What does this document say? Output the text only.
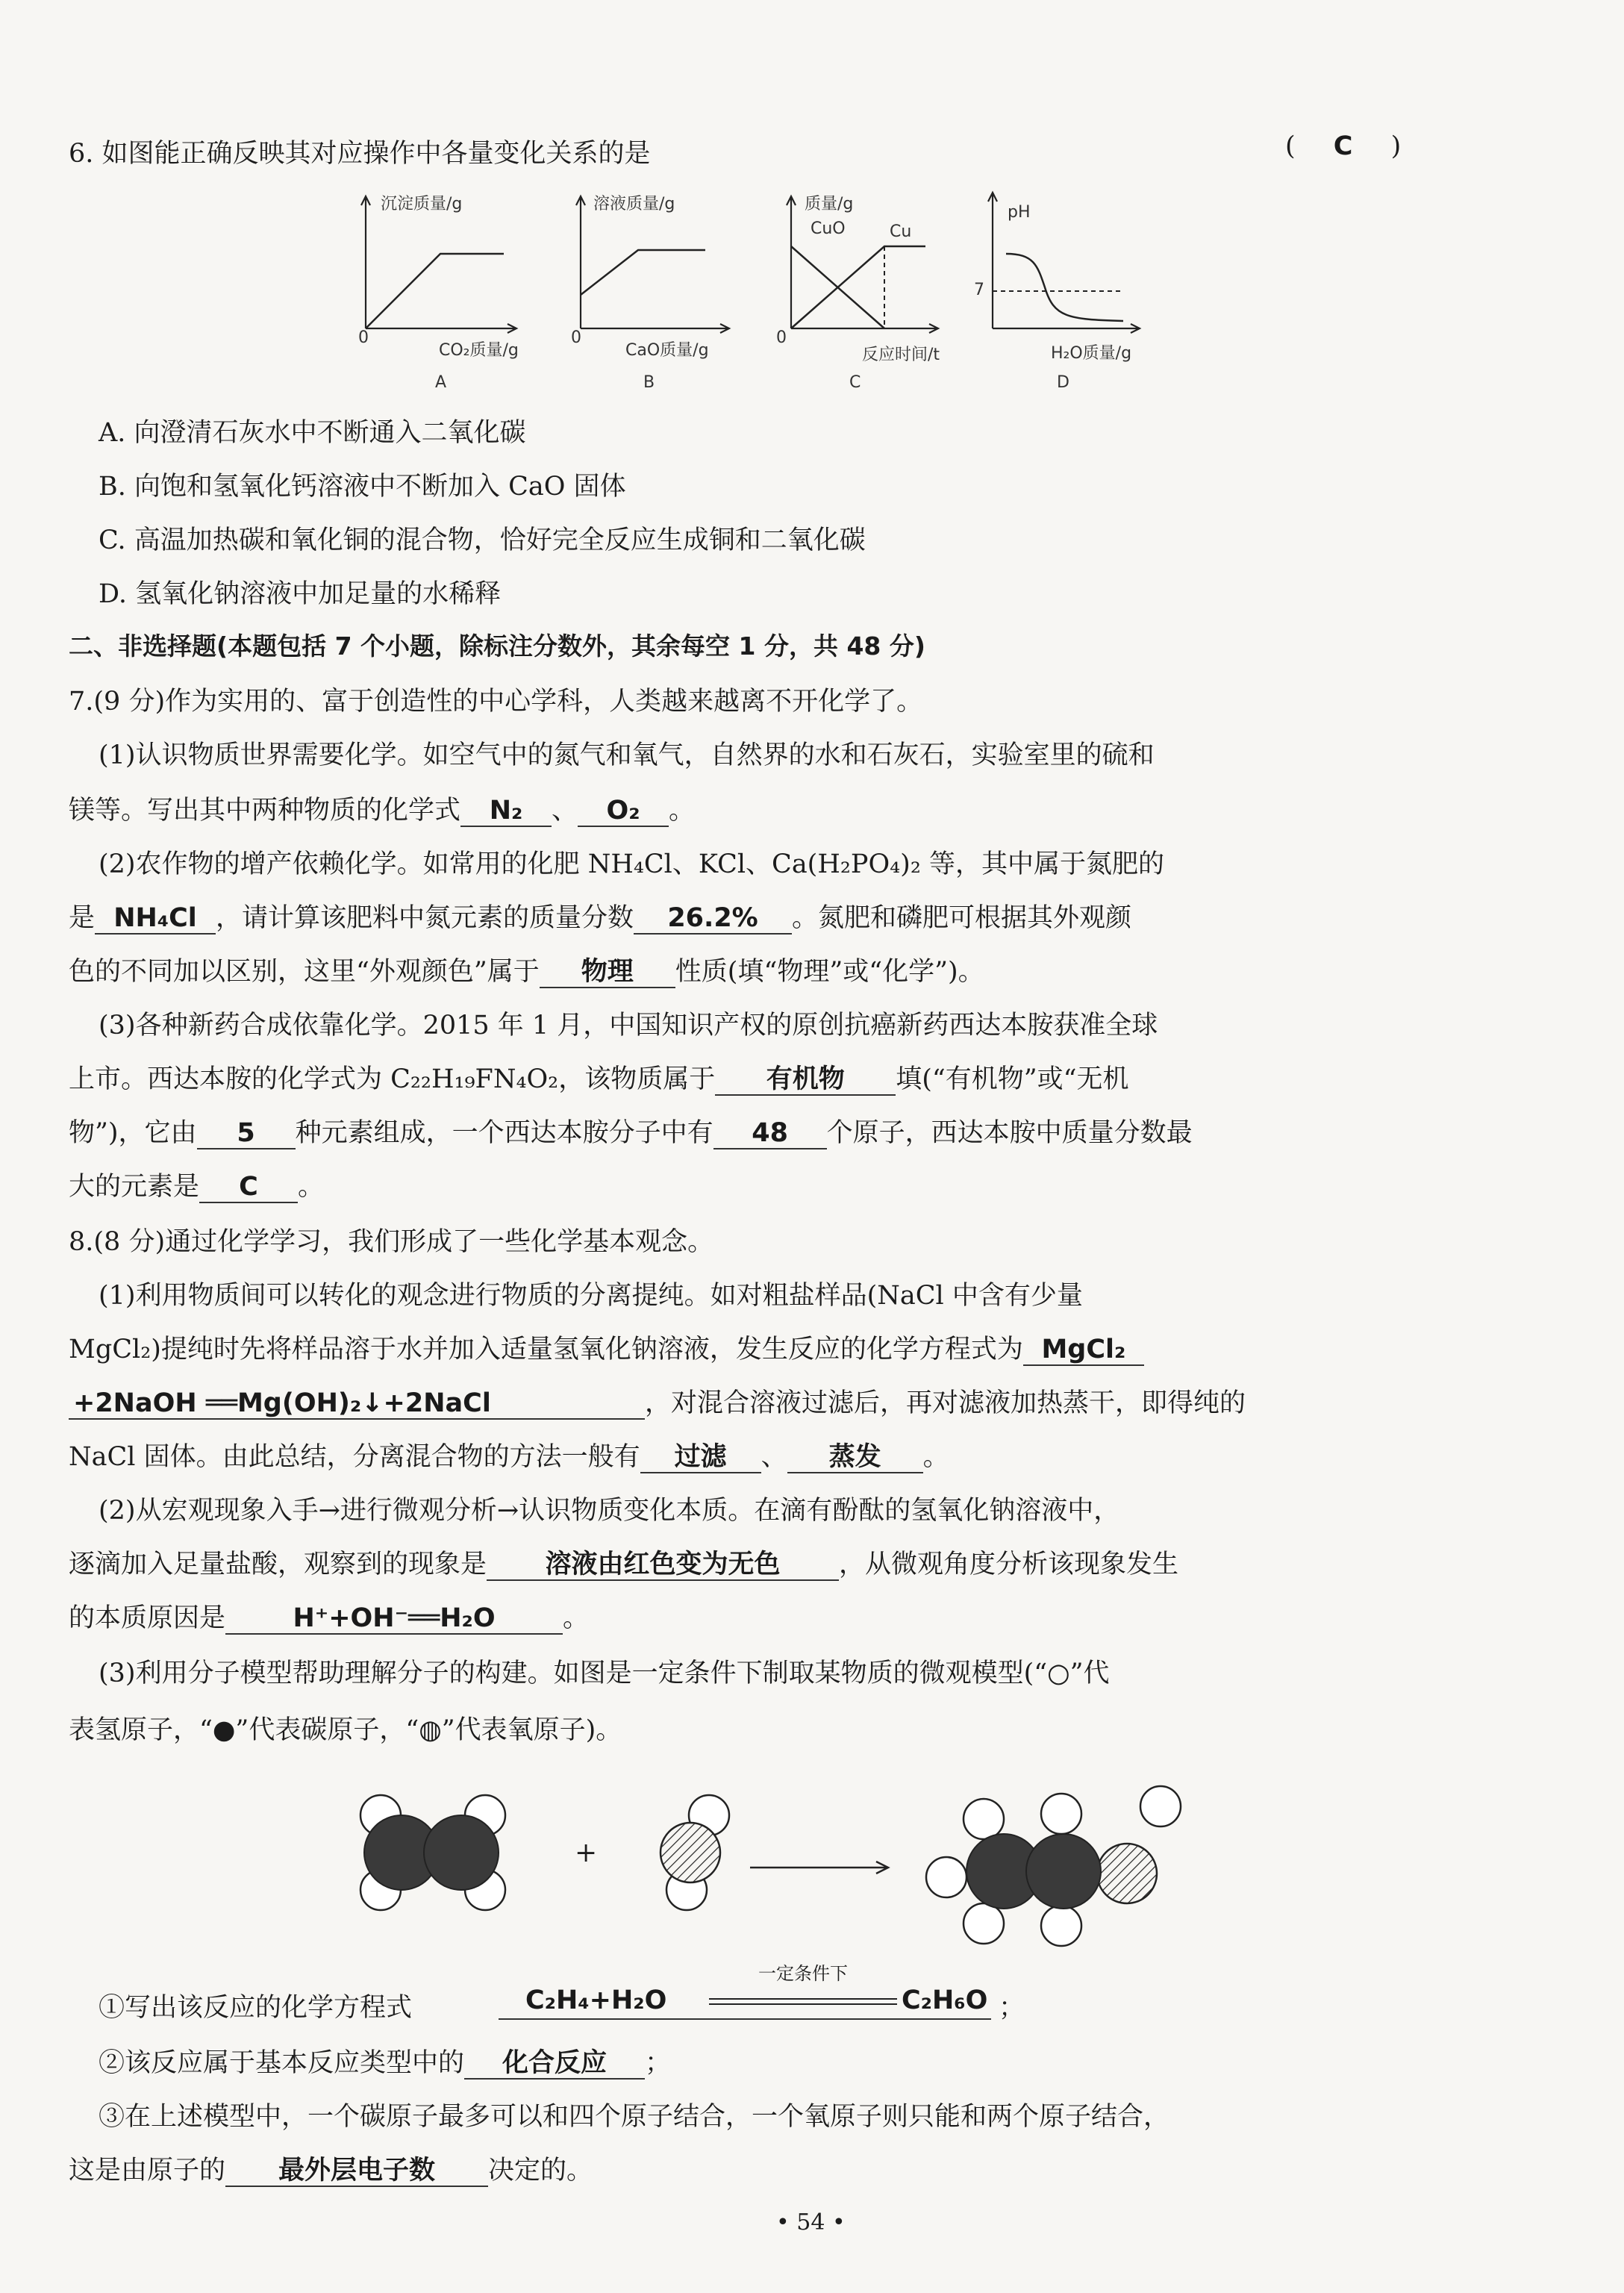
6. 如图能正确反映其对应操作中各量变化关系的是	( C )
沉淀质量/g
0
CO₂质量/g
A
溶液质量/g
0
CaO质量/g
B
质量/g
CuO	Cu
0
反应时间/t
C
pH
7
H₂O质量/g
D
A. 向澄清石灰水中不断通入二氧化碳
B. 向饱和氢氧化钙溶液中不断加入 CaO 固体
C. 高温加热碳和氧化铜的混合物，恰好完全反应生成铜和二氧化碳
D. 氢氧化钠溶液中加足量的水稀释
二、非选择题(本题包括 7 个小题，除标注分数外，其余每空 1 分，共 48 分)
7.(9 分)作为实用的、富于创造性的中心学科，人类越来越离不开化学了。
(1)认识物质世界需要化学。如空气中的氮气和氧气，自然界的水和石灰石，实验室里的硫和
镁等。写出其中两种物质的化学式 N₂ 、 O₂ 。
(2)农作物的增产依赖化学。如常用的化肥 NH₄Cl、KCl、Ca(H₂PO₄)₂ 等，其中属于氮肥的
是 NH₄Cl ，请计算该肥料中氮元素的质量分数 26.2% 。氮肥和磷肥可根据其外观颜
色的不同加以区别，这里“外观颜色”属于 物理 性质(填“物理”或“化学”)。
(3)各种新药合成依靠化学。2015 年 1 月，中国知识产权的原创抗癌新药西达本胺获准全球
上市。西达本胺的化学式为 C₂₂H₁₉FN₄O₂，该物质属于 有机物 填(“有机物”或“无机
物”)，它由 5 种元素组成，一个西达本胺分子中有 48 个原子，西达本胺中质量分数最
大的元素是 C 。
8.(8 分)通过化学学习，我们形成了一些化学基本观念。
(1)利用物质间可以转化的观念进行物质的分离提纯。如对粗盐样品(NaCl 中含有少量
MgCl₂)提纯时先将样品溶于水并加入适量氢氧化钠溶液，发生反应的化学方程式为 MgCl₂
+2NaOH ══Mg(OH)₂↓+2NaCl	，对混合溶液过滤后，再对滤液加热蒸干，即得纯的
NaCl 固体。由此总结，分离混合物的方法一般有 过滤 、 蒸发 。
(2)从宏观现象入手→进行微观分析→认识物质变化本质。在滴有酚酞的氢氧化钠溶液中，
逐滴加入足量盐酸，观察到的现象是 溶液由红色变为无色 ，从微观角度分析该现象发生
的本质原因是	H⁺+OH⁻══H₂O	。
(3)利用分子模型帮助理解分子的构建。如图是一定条件下制取某物质的微观模型(“○”代
表氢原子，“●”代表碳原子，“◍”代表氧原子)。
+
①写出该反应的化学方程式	C₂H₄+H₂O
一定条件下
C₂H₆O ；
②该反应属于基本反应类型中的 化合反应 ；
③在上述模型中，一个碳原子最多可以和四个原子结合，一个氧原子则只能和两个原子结合，
这是由原子的 最外层电子数 决定的。
• 54 •
